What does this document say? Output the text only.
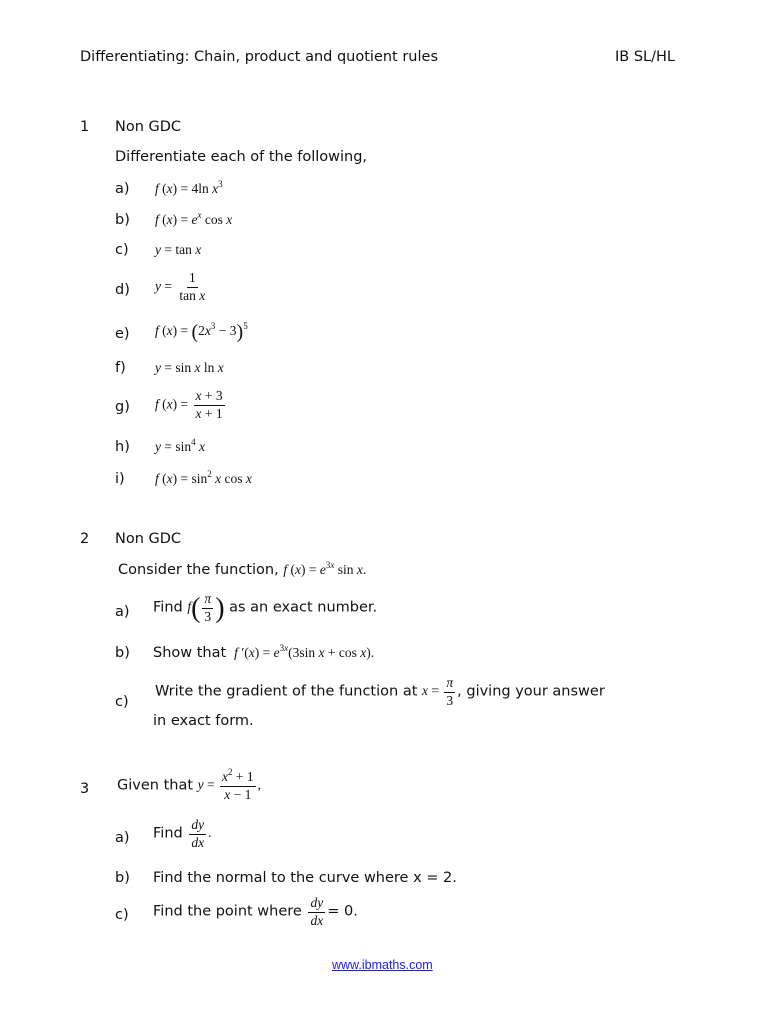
Differentiating: Chain, product and quotient rules	IB SL/HL
1 Non GDC
Differentiate each of the following,
a) f (x) = 4ln $x^3$
b) f $(x) = e^x$ cos x
c) y = tan x
d) $y = \frac{1}{\text{tan x}}$
e) f $(x) = (2x^3 - 3)^5$
f) y = sin x ln x
g) f $(x) = \frac{x + 3}{x + 1}$
h) $y = \sin^4 x$
i) f $(x) = \sin^2 x$ cos x
2 Non GDC
Consider the function, f $(x) = e^{3x}$ sin x.
a) Find $f( \frac{\pi}{3}$ ) as an exact number.
b) Show that f $'(x) = e^{3x}(3\sin$ x + cos x).
c)
Write the gradient of the function at $x = \frac{\pi}{3}$ , giving your answer
in exact form.
3 Given that $y = \frac{x^2 + 1}{x - 1}$ ,
a) Find $\frac{dy}{dx}$ .
b) Find the normal to the curve where x = 2.
c) Find the point where $\frac{dy}{dx} = 0$.
www.ibmaths.com
